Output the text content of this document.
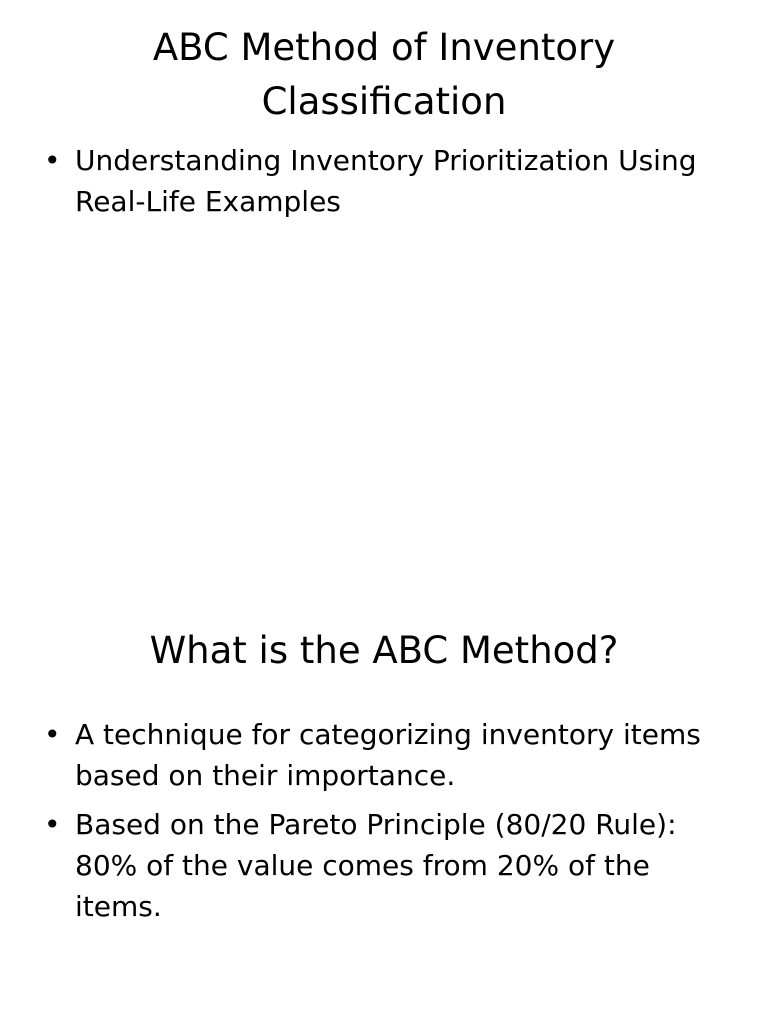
ABC Method of Inventory Classification
• Understanding Inventory Prioritization Using Real-Life Examples
What is the ABC Method?
• A technique for categorizing inventory items based on their importance.
• Based on the Pareto Principle (80/20 Rule): 80% of the value comes from 20% of the items.
